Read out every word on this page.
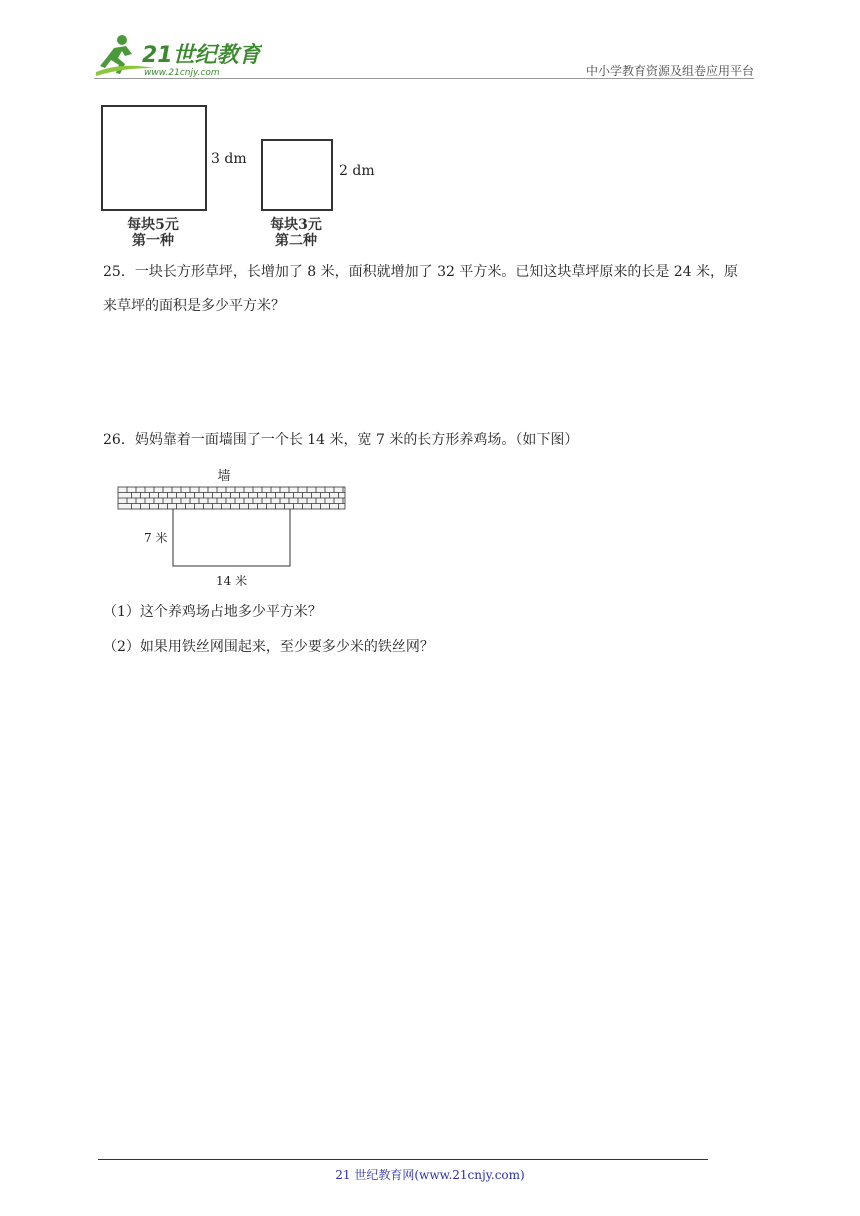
21世纪教育
www.21cnjy.com	中小学教育资源及组卷应用平台
3 dm
每块5元
第一种
2 dm
每块3元
第二种
25．一块长方形草坪，长增加了 8 米，面积就增加了 32 平方米。已知这块草坪原来的长是 24 米，原
来草坪的面积是多少平方米？
26．妈妈靠着一面墙围了一个长 14 米，宽 7 米的长方形养鸡场。（如下图）
墙
7 米
14 米
（1）这个养鸡场占地多少平方米？
（2）如果用铁丝网围起来，至少要多少米的铁丝网？
21 世纪教育网(www.21cnjy.com)
